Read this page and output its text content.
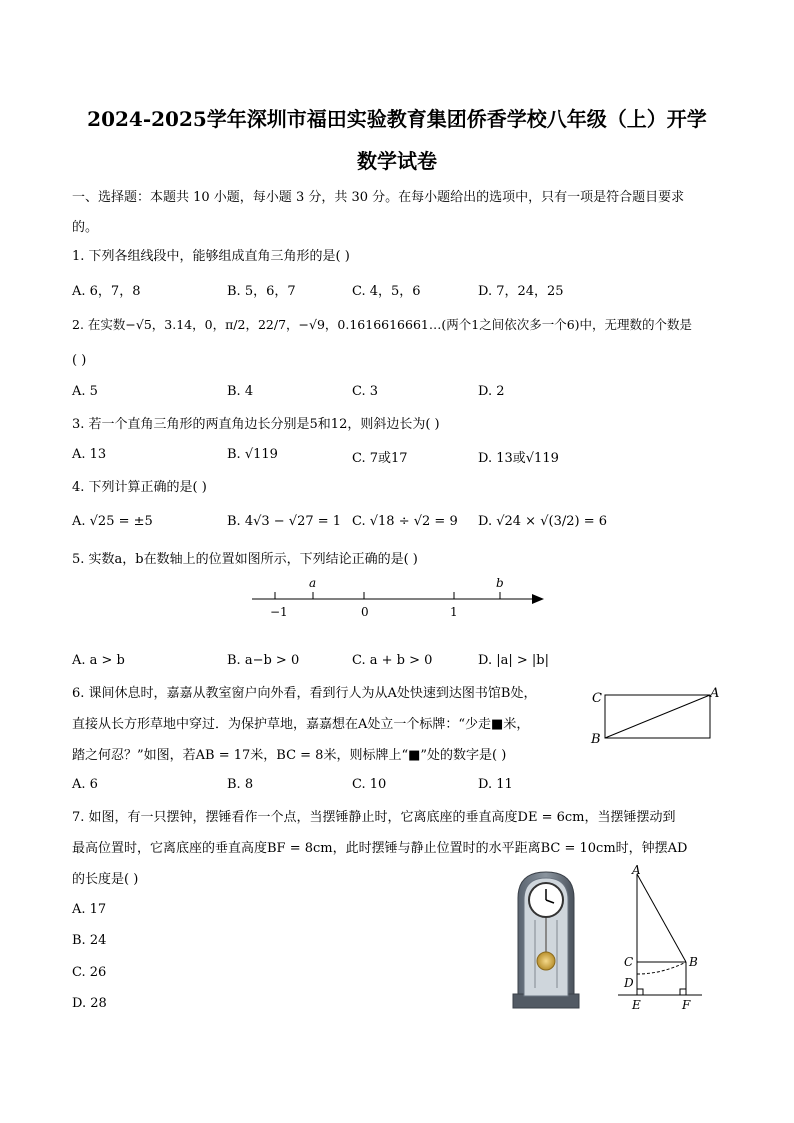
2024-2025学年深圳市福田实验教育集团侨香学校八年级（上）开学
数学试卷
一、选择题：本题共 10 小题，每小题 3 分，共 30 分。在每小题给出的选项中，只有一项是符合题目要求
的。
1. 下列各组线段中，能够组成直角三角形的是( )
A. 6，7，8	B. 5，6，7	C. 4，5，6	D. 7，24，25
2. 在实数−√5，3.14，0，π/2，22/7，−√9，0.1616616661…(两个1之间依次多一个6)中，无理数的个数是
( )
A. 5	B. 4	C. 3	D. 2
3. 若一个直角三角形的两直角边长分别是5和12，则斜边长为( )
A. 13	B. √119	C. 7或17	D. 13或√119
4. 下列计算正确的是( )
A. √25 = ±5	B. 4√3 − √27 = 1 C. √18 ÷ √2 = 9 D. √24 × √(3/2) = 6
5. 实数a，b在数轴上的位置如图所示，下列结论正确的是( )
−1	0	1
a	b
A. a > b	B. a−b > 0	C. a + b > 0	D. |a| > |b|
6. 课间休息时，嘉嘉从教室窗户向外看，看到行人为从A处快速到达图书馆B处，
直接从长方形草地中穿过．为保护草地，嘉嘉想在A处立一个标牌：“少走■米，
踏之何忍？”如图，若AB = 17米，BC = 8米，则标牌上“■”处的数字是( )
A
B
C
A. 6	B. 8	C. 10	D. 11
7. 如图，有一只摆钟，摆锤看作一个点，当摆锤静止时，它离底座的垂直高度DE = 6cm，当摆锤摆动到
最高位置时，它离底座的垂直高度BF = 8cm，此时摆锤与静止位置时的水平距离BC = 10cm时，钟摆AD
的长度是( )
A. 17
B. 24
C. 26
D. 28
A
C	B
D
E	F
